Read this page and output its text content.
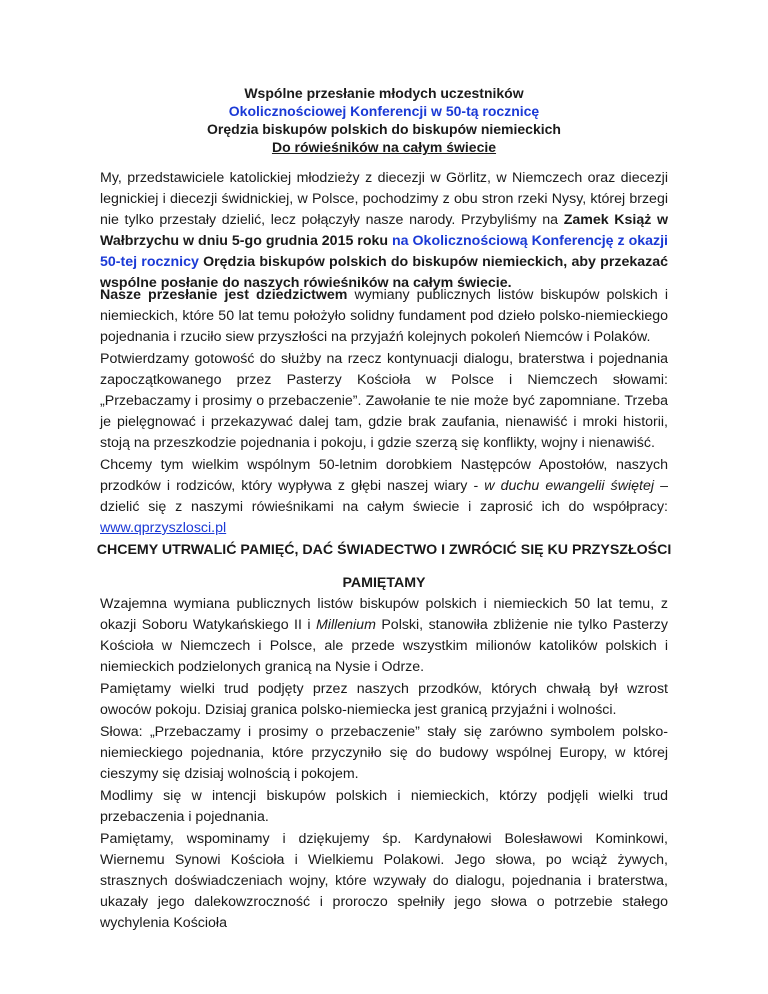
Wspólne przesłanie młodych uczestników
Okolicznościowej Konferencji w 50-tą rocznicę
Orędzia biskupów polskich do biskupów niemieckich
Do rówieśników na całym świecie
My, przedstawiciele katolickiej młodzieży z diecezji w Görlitz, w Niemczech oraz diecezji legnickiej i diecezji świdnickiej, w Polsce, pochodzimy z obu stron rzeki Nysy, której brzegi nie tylko przestały dzielić, lecz połączyły nasze narody. Przybyliśmy na Zamek Książ w Wałbrzychu w dniu 5-go grudnia 2015 roku na Okolicznościową Konferencję z okazji 50-tej rocznicy Orędzia biskupów polskich do biskupów niemieckich, aby przekazać wspólne posłanie do naszych rówieśników na całym świecie.
Nasze przesłanie jest dziedzictwem wymiany publicznych listów biskupów polskich i niemieckich, które 50 lat temu położyło solidny fundament pod dzieło polsko-niemieckiego pojednania i rzuciło siew przyszłości na przyjaźń kolejnych pokoleń Niemców i Polaków.
Potwierdzamy gotowość do służby na rzecz kontynuacji dialogu, braterstwa i pojednania zapoczątkowanego przez Pasterzy Kościoła w Polsce i Niemczech słowami: „Przebaczamy i prosimy o przebaczenie”. Zawołanie te nie może być zapomniane. Trzeba je pielęgnować i przekazywać dalej tam, gdzie brak zaufania, nienawiść i mroki historii, stoją na przeszkodzie pojednania i pokoju, i gdzie szerzą się konflikty, wojny i nienawiść.
Chcemy tym wielkim wspólnym 50-letnim dorobkiem Następców Apostołów, naszych przodków i rodziców, który wypływa z głębi naszej wiary - w duchu ewangelii świętej – dzielić się z naszymi rówieśnikami na całym świecie i zaprosić ich do współpracy: www.qprzyszlosci.pl
CHCEMY UTRWALIĆ PAMIĘĆ, DAĆ ŚWIADECTWO I ZWRÓCIĆ SIĘ KU PRZYSZŁOŚCI
PAMIĘTAMY
Wzajemna wymiana publicznych listów biskupów polskich i niemieckich 50 lat temu, z okazji Soboru Watykańskiego II i Millenium Polski, stanowiła zbliżenie nie tylko Pasterzy Kościoła w Niemczech i Polsce, ale przede wszystkim milionów katolików polskich i niemieckich podzielonych granicą na Nysie i Odrze.
Pamiętamy wielki trud podjęty przez naszych przodków, których chwałą był wzrost owoców pokoju. Dzisiaj granica polsko-niemiecka jest granicą przyjaźni i wolności.
Słowa: „Przebaczamy i prosimy o przebaczenie” stały się zarówno symbolem polsko-niemieckiego pojednania, które przyczyniło się do budowy wspólnej Europy, w której cieszymy się dzisiaj wolnością i pokojem.
Modlimy się w intencji biskupów polskich i niemieckich, którzy podjęli wielki trud przebaczenia i pojednania.
Pamiętamy, wspominamy i dziękujemy śp. Kardynałowi Bolesławowi Kominkowi, Wiernemu Synowi Kościoła i Wielkiemu Polakowi. Jego słowa, po wciąż żywych, strasznych doświadczeniach wojny, które wzywały do dialogu, pojednania i braterstwa, ukazały jego dalekowzroczność i proroczo spełniły jego słowa o potrzebie stałego wychylenia Kościoła
